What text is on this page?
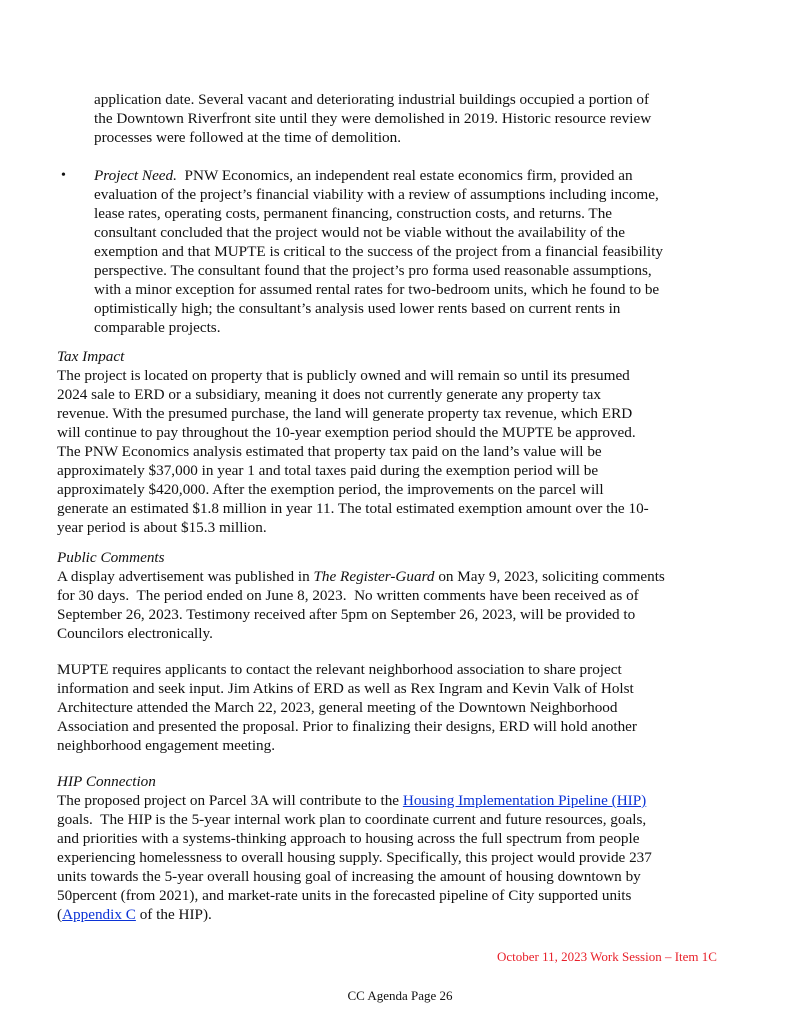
application date. Several vacant and deteriorating industrial buildings occupied a portion of
the Downtown Riverfront site until they were demolished in 2019. Historic resource review
processes were followed at the time of demolition.
• Project Need.  PNW Economics, an independent real estate economics firm, provided an
evaluation of the project’s financial viability with a review of assumptions including income,
lease rates, operating costs, permanent financing, construction costs, and returns. The
consultant concluded that the project would not be viable without the availability of the
exemption and that MUPTE is critical to the success of the project from a financial feasibility
perspective. The consultant found that the project’s pro forma used reasonable assumptions,
with a minor exception for assumed rental rates for two-bedroom units, which he found to be
optimistically high; the consultant’s analysis used lower rents based on current rents in
comparable projects.
Tax Impact
The project is located on property that is publicly owned and will remain so until its presumed
2024 sale to ERD or a subsidiary, meaning it does not currently generate any property tax
revenue. With the presumed purchase, the land will generate property tax revenue, which ERD
will continue to pay throughout the 10-year exemption period should the MUPTE be approved.
The PNW Economics analysis estimated that property tax paid on the land’s value will be
approximately $37,000 in year 1 and total taxes paid during the exemption period will be
approximately $420,000. After the exemption period, the improvements on the parcel will
generate an estimated $1.8 million in year 11. The total estimated exemption amount over the 10-
year period is about $15.3 million.
Public Comments
A display advertisement was published in The Register-Guard on May 9, 2023, soliciting comments
for 30 days.  The period ended on June 8, 2023.  No written comments have been received as of
September 26, 2023. Testimony received after 5pm on September 26, 2023, will be provided to
Councilors electronically.
MUPTE requires applicants to contact the relevant neighborhood association to share project
information and seek input. Jim Atkins of ERD as well as Rex Ingram and Kevin Valk of Holst
Architecture attended the March 22, 2023, general meeting of the Downtown Neighborhood
Association and presented the proposal. Prior to finalizing their designs, ERD will hold another
neighborhood engagement meeting.
HIP Connection
The proposed project on Parcel 3A will contribute to the Housing Implementation Pipeline (HIP)
goals.  The HIP is the 5-year internal work plan to coordinate current and future resources, goals,
and priorities with a systems-thinking approach to housing across the full spectrum from people
experiencing homelessness to overall housing supply. Specifically, this project would provide 237
units towards the 5-year overall housing goal of increasing the amount of housing downtown by
50percent (from 2021), and market-rate units in the forecasted pipeline of City supported units
(Appendix C of the HIP).
October 11, 2023 Work Session – Item 1C
CC Agenda Page 26
